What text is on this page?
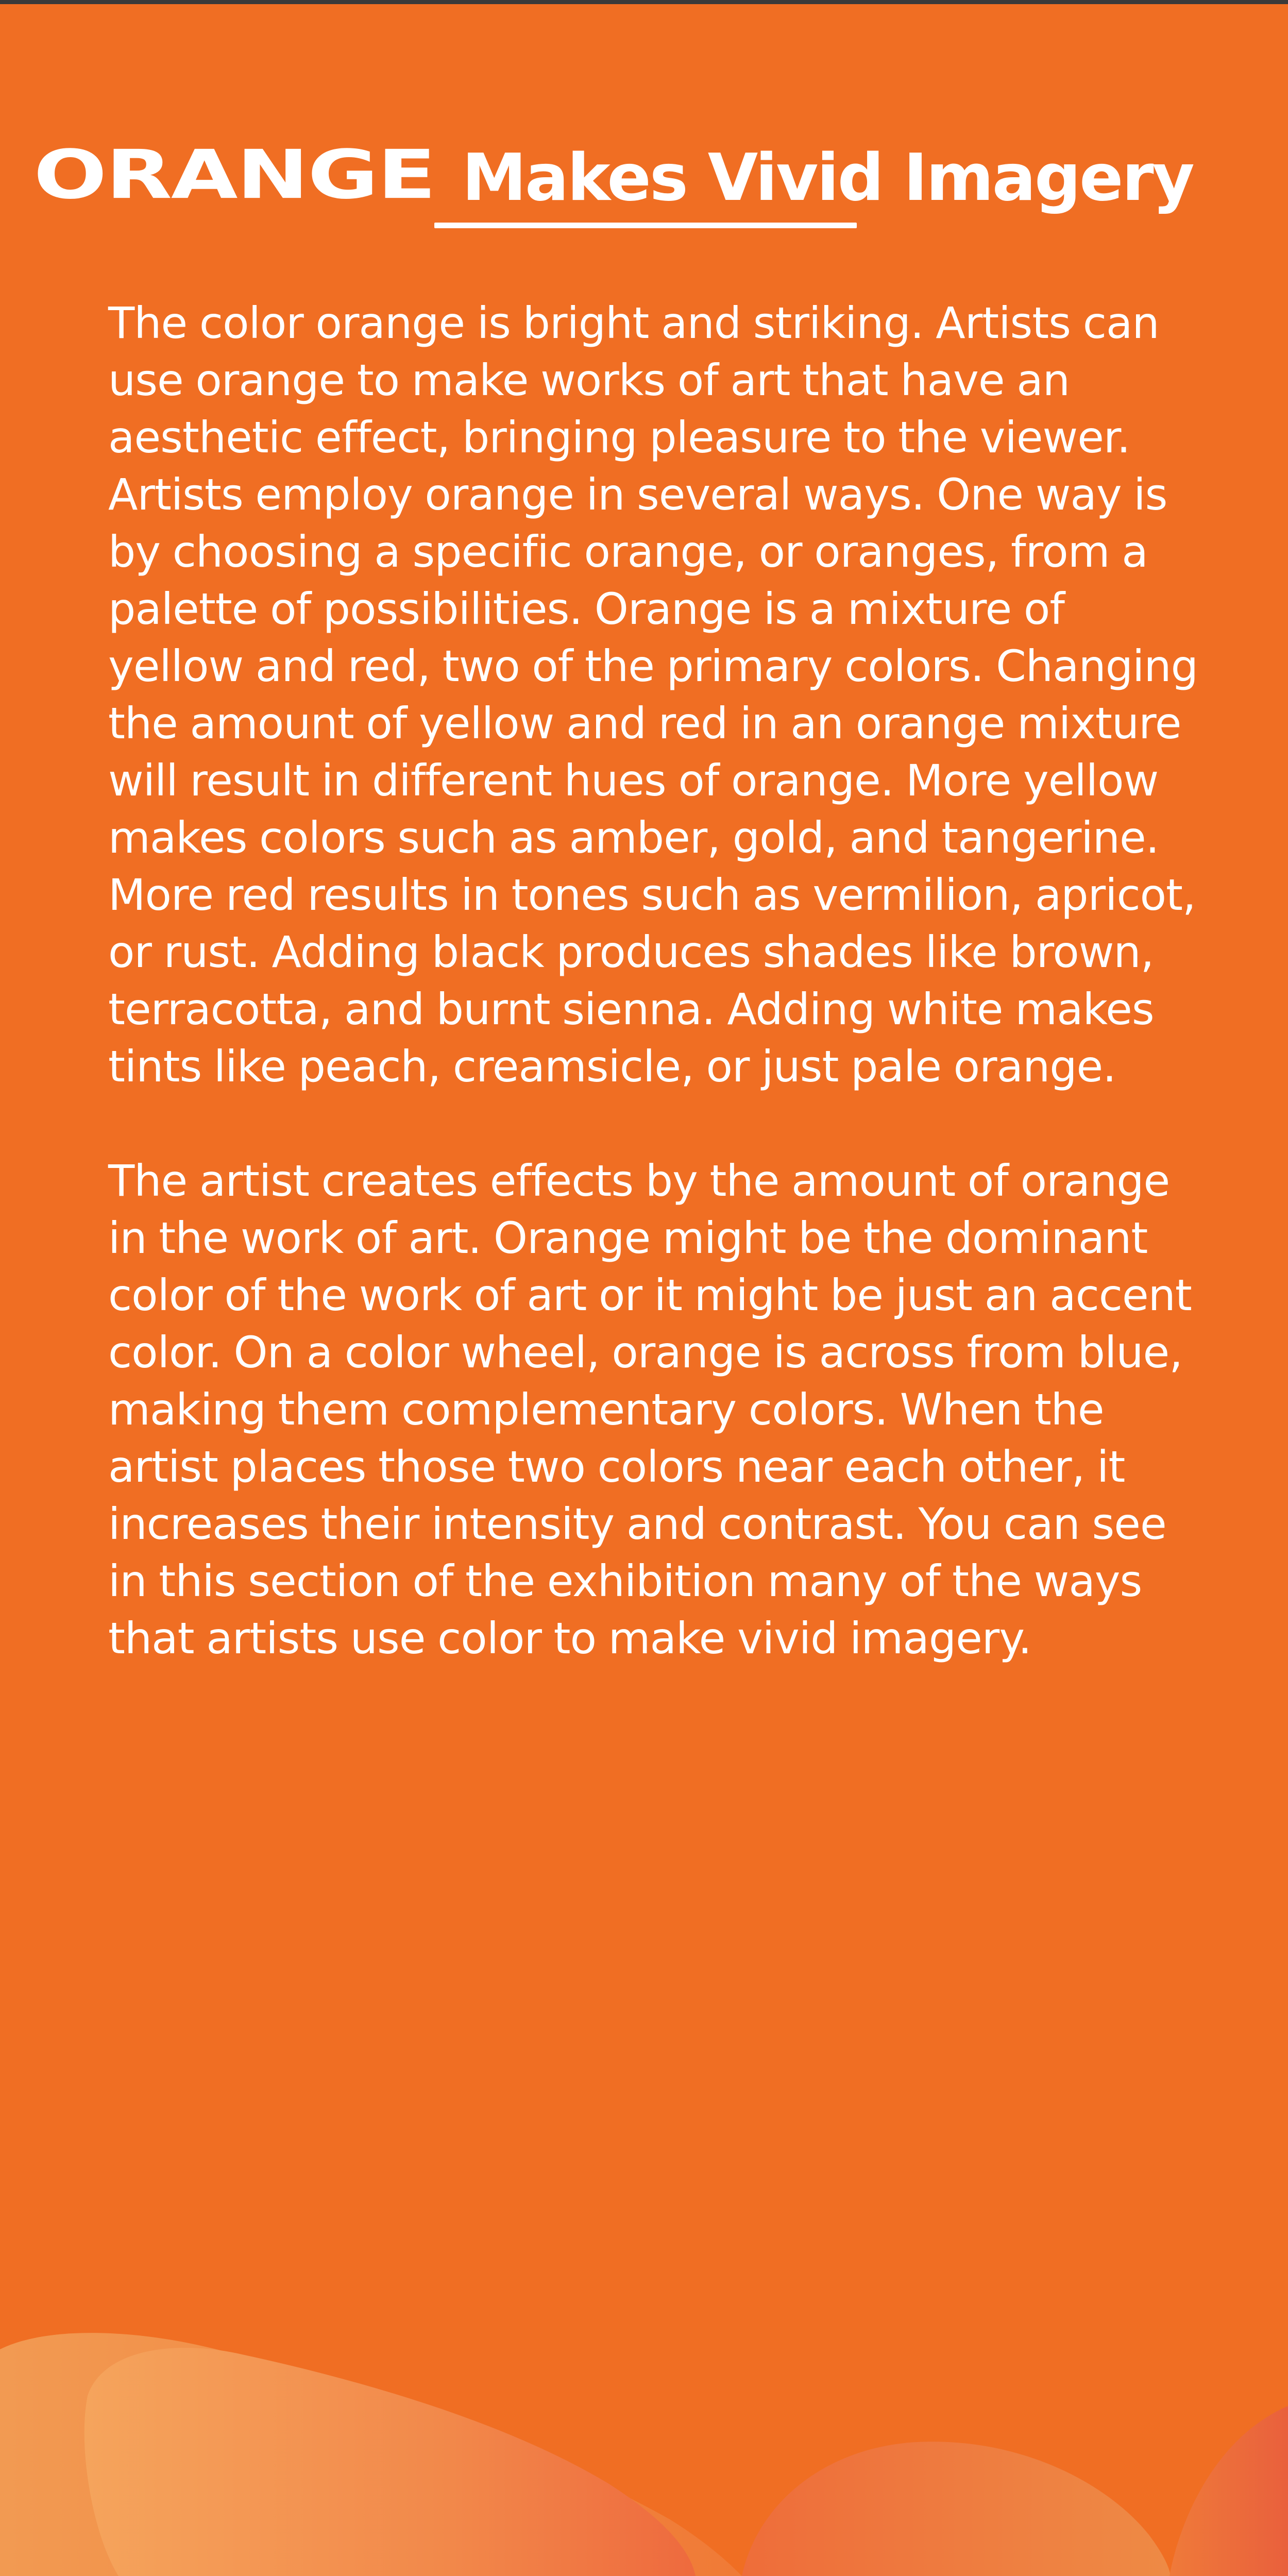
ORANGE Makes Vivid Imagery

The color orange is bright and striking. Artists can use orange to make works of art that have an aesthetic effect, bringing pleasure to the viewer. Artists employ orange in several ways. One way is by choosing a specific orange, or oranges, from a palette of possibilities. Orange is a mixture of yellow and red, two of the primary colors. Changing the amount of yellow and red in an orange mixture will result in different hues of orange. More yellow makes colors such as amber, gold, and tangerine. More red results in tones such as vermilion, apricot, or rust. Adding black produces shades like brown, terracotta, and burnt sienna. Adding white makes tints like peach, creamsicle, or just pale orange.

The artist creates effects by the amount of orange in the work of art. Orange might be the dominant color of the work of art or it might be just an accent color. On a color wheel, orange is across from blue, making them complementary colors. When the artist places those two colors near each other, it increases their intensity and contrast. You can see in this section of the exhibition many of the ways that artists use color to make vivid imagery.
